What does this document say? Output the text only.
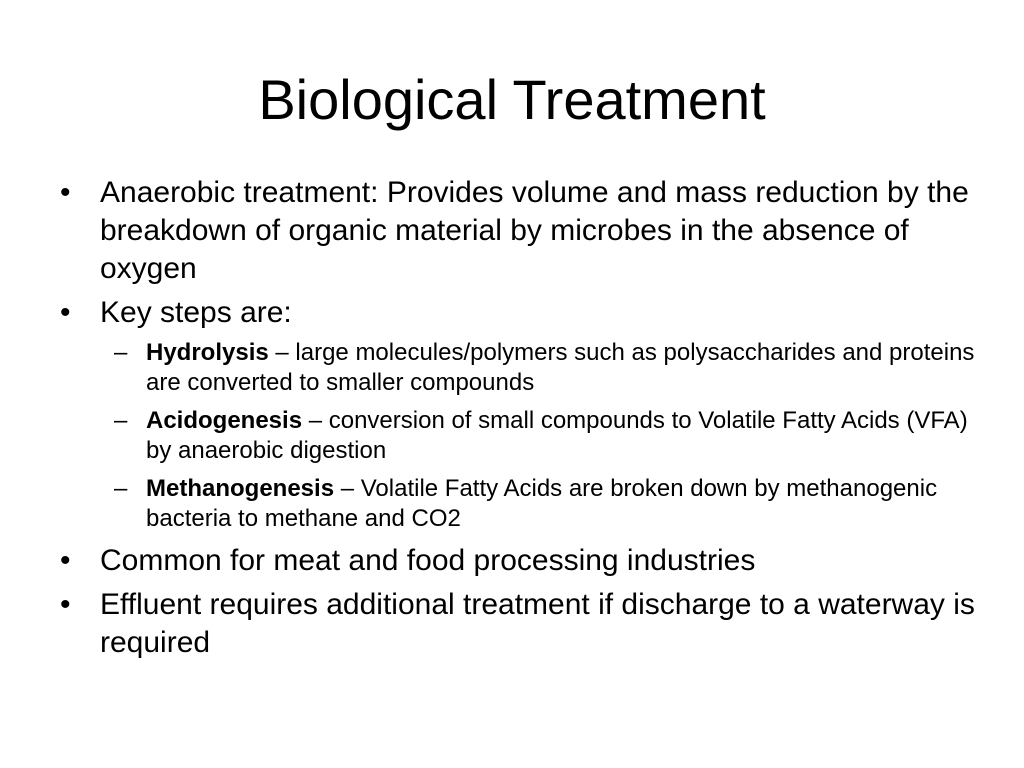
Biological Treatment
• Anaerobic treatment: Provides volume and mass reduction by the breakdown of organic material by microbes in the absence of oxygen
• Key steps are:
– Hydrolysis – large molecules/polymers such as polysaccharides and proteins are converted to smaller compounds
– Acidogenesis – conversion of small compounds to Volatile Fatty Acids (VFA) by anaerobic digestion
– Methanogenesis – Volatile Fatty Acids are broken down by methanogenic bacteria to methane and CO2
• Common for meat and food processing industries
• Effluent requires additional treatment if discharge to a waterway is required
